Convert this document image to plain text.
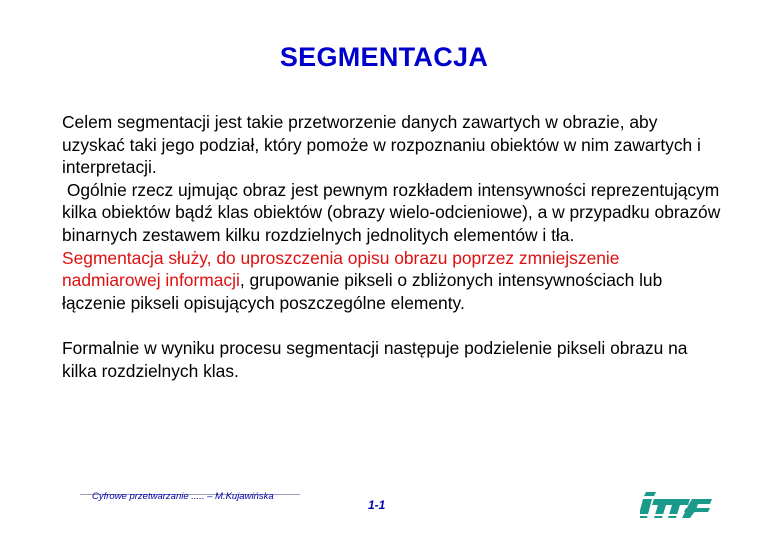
SEGMENTACJA

Celem segmentacji jest takie przetworzenie danych zawartych w obrazie, aby uzyskać taki jego podział, który pomoże w rozpoznaniu obiektów w nim zawartych i interpretacji.

Ogólnie rzecz ujmując obraz jest pewnym rozkładem intensywności reprezentującym kilka obiektów bądź klas obiektów (obrazy wielo-odcieniowe), a w przypadku obrazów binarnych zestawem kilku rozdzielnych jednolitych elementów i tła.

Segmentacja służy, do uproszczenia opisu obrazu poprzez zmniejszenie nadmiarowej informacji, grupowanie pikseli o zbliżonych intensywnościach lub łączenie pikseli opisujących poszczególne elementy.

Formalnie w wyniku procesu segmentacji następuje podzielenie pikseli obrazu na kilka rozdzielnych klas.

Cyfrowe przetwarzanie ..... – M.Kujawińska
1-1
